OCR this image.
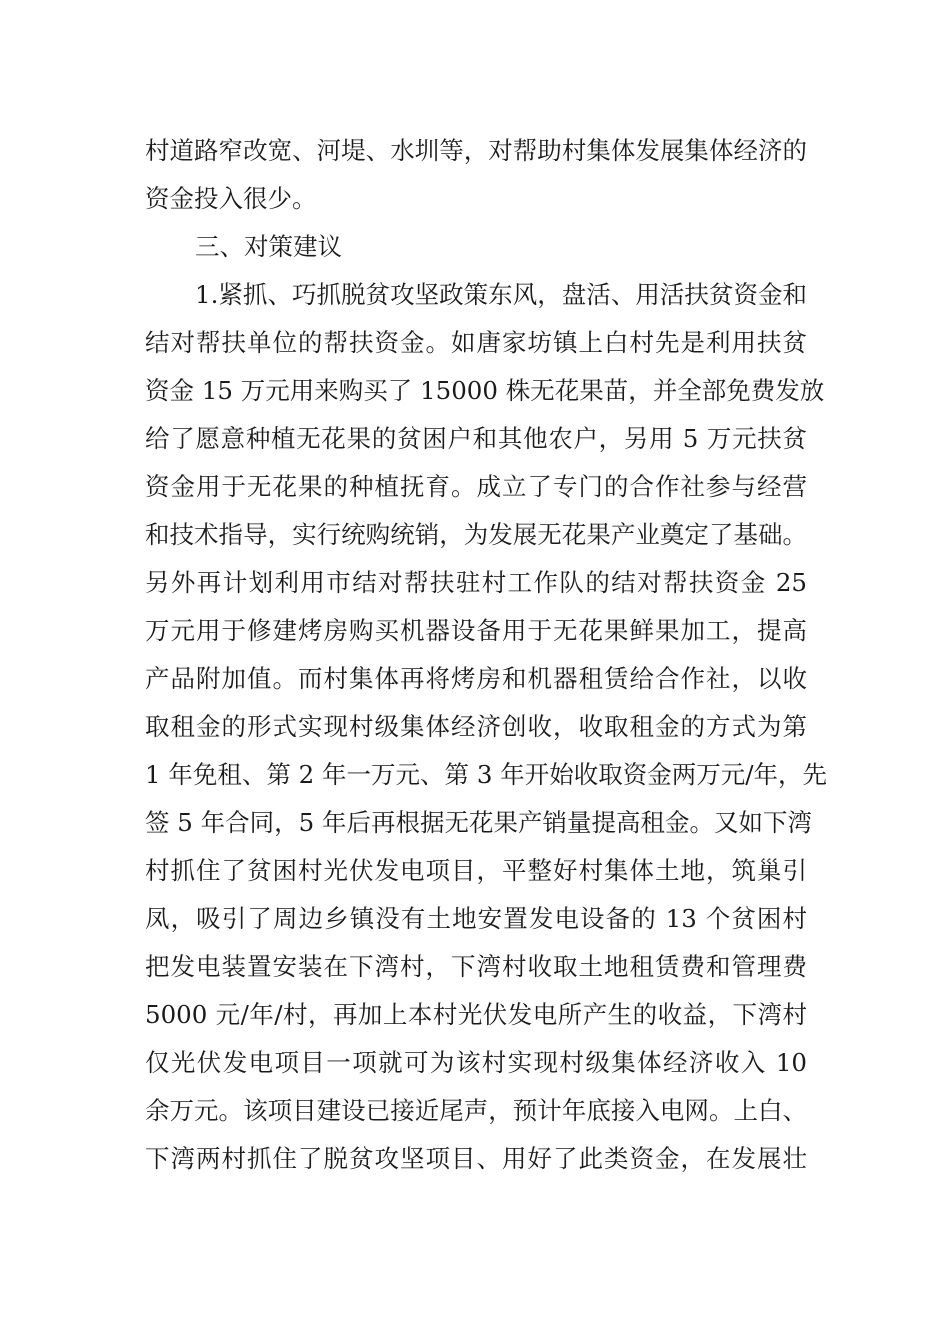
村道路窄改宽、河堤、水圳等，对帮助村集体发展集体经济的
资金投入很少。
三、对策建议
1.紧抓、巧抓脱贫攻坚政策东风，盘活、用活扶贫资金和
结对帮扶单位的帮扶资金。如唐家坊镇上白村先是利用扶贫
资金 15 万元用来购买了 15000 株无花果苗，并全部免费发放
给了愿意种植无花果的贫困户和其他农户，另用 5 万元扶贫
资金用于无花果的种植抚育。成立了专门的合作社参与经营
和技术指导，实行统购统销，为发展无花果产业奠定了基础。
另外再计划利用市结对帮扶驻村工作队的结对帮扶资金 25
万元用于修建烤房购买机器设备用于无花果鲜果加工，提高
产品附加值。而村集体再将烤房和机器租赁给合作社，以收
取租金的形式实现村级集体经济创收，收取租金的方式为第
1 年免租、第 2 年一万元、第 3 年开始收取资金两万元/年，先
签 5 年合同，5 年后再根据无花果产销量提高租金。又如下湾
村抓住了贫困村光伏发电项目，平整好村集体土地，筑巢引
凤，吸引了周边乡镇没有土地安置发电设备的 13 个贫困村
把发电装置安装在下湾村，下湾村收取土地租赁费和管理费
5000 元/年/村，再加上本村光伏发电所产生的收益，下湾村
仅光伏发电项目一项就可为该村实现村级集体经济收入 10
余万元。该项目建设已接近尾声，预计年底接入电网。上白、
下湾两村抓住了脱贫攻坚项目、用好了此类资金，在发展壮
